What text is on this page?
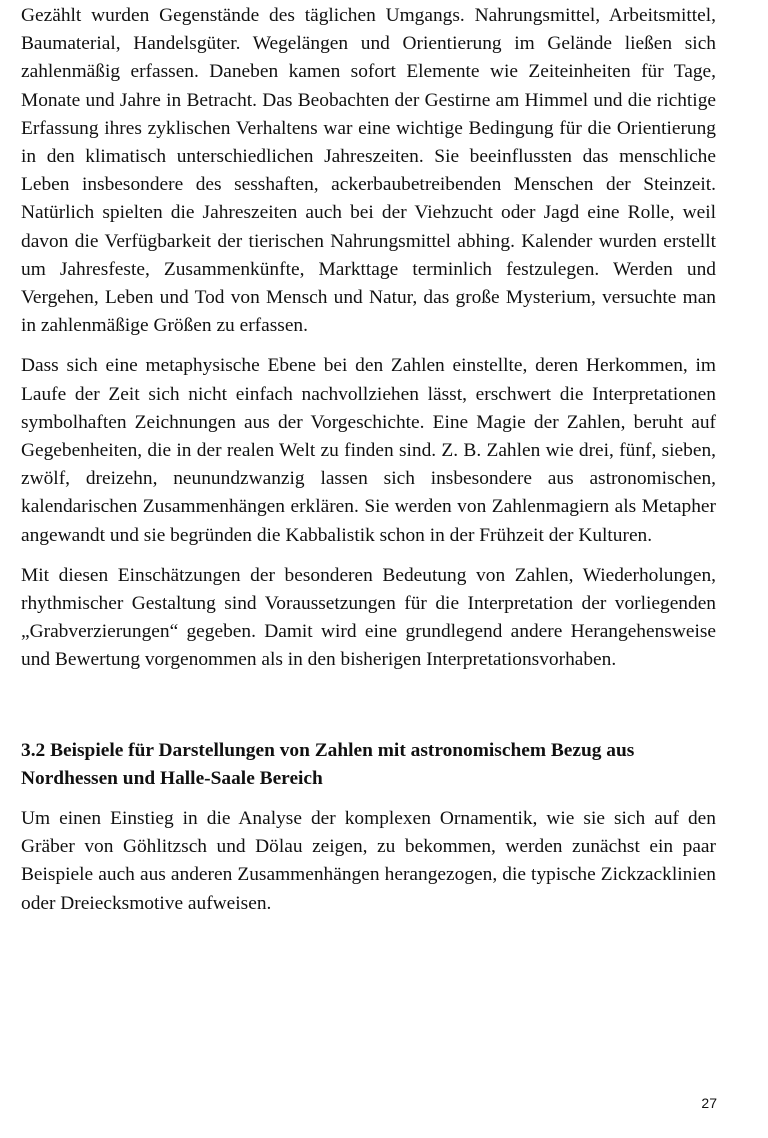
Gezählt wurden Gegenstände des täglichen Umgangs. Nahrungsmittel, Arbeitsmittel, Baumaterial, Handelsgüter. Wegelängen und Orientierung im Gelände ließen sich zahlenmäßig erfassen. Daneben kamen sofort Elemente wie Zeiteinheiten für Tage, Monate und Jahre in Betracht. Das Beobachten der Gestirne am Himmel und die richtige Erfassung ihres zyklischen Verhaltens war eine wichtige Bedingung für die Orientierung in den klimatisch unterschiedlichen Jahreszeiten. Sie beeinflussten das menschliche Leben insbesondere des sesshaften, ackerbaubetreibenden Menschen der Steinzeit. Natürlich spielten die Jahreszeiten auch bei der Viehzucht oder Jagd eine Rolle, weil davon die Verfügbarkeit der tierischen Nahrungsmittel abhing. Kalender wurden erstellt um Jahresfeste, Zusammenkünfte, Markttage terminlich festzulegen. Werden und Vergehen, Leben und Tod von Mensch und Natur, das große Mysterium, versuchte man in zahlenmäßige Größen zu erfassen.

Dass sich eine metaphysische Ebene bei den Zahlen einstellte, deren Herkommen, im Laufe der Zeit sich nicht einfach nachvollziehen lässt, erschwert die Interpretationen symbolhaften Zeichnungen aus der Vorgeschichte. Eine Magie der Zahlen, beruht auf Gegebenheiten, die in der realen Welt zu finden sind. Z. B. Zahlen wie drei, fünf, sieben, zwölf, dreizehn, neunundzwanzig lassen sich insbesondere aus astronomischen, kalendarischen Zusammenhängen erklären. Sie werden von Zahlenmagiern als Metapher angewandt und sie begründen die Kabbalistik schon in der Frühzeit der Kulturen.

Mit diesen Einschätzungen der besonderen Bedeutung von Zahlen, Wiederholungen, rhythmischer Gestaltung sind Voraussetzungen für die Interpretation der vorliegenden „Grabverzierungen“ gegeben. Damit wird eine grundlegend andere Herangehensweise und Bewertung vorgenommen als in den bisherigen Interpretationsvorhaben.

3.2 Beispiele für Darstellungen von Zahlen mit astronomischem Bezug aus Nordhessen und Halle-Saale Bereich

Um einen Einstieg in die Analyse der komplexen Ornamentik, wie sie sich auf den Gräber von Göhlitzsch und Dölau zeigen, zu bekommen, werden zunächst ein paar Beispiele auch aus anderen Zusammenhängen herangezogen, die typische Zickzacklinien oder Dreiecksmotive aufweisen.

27
